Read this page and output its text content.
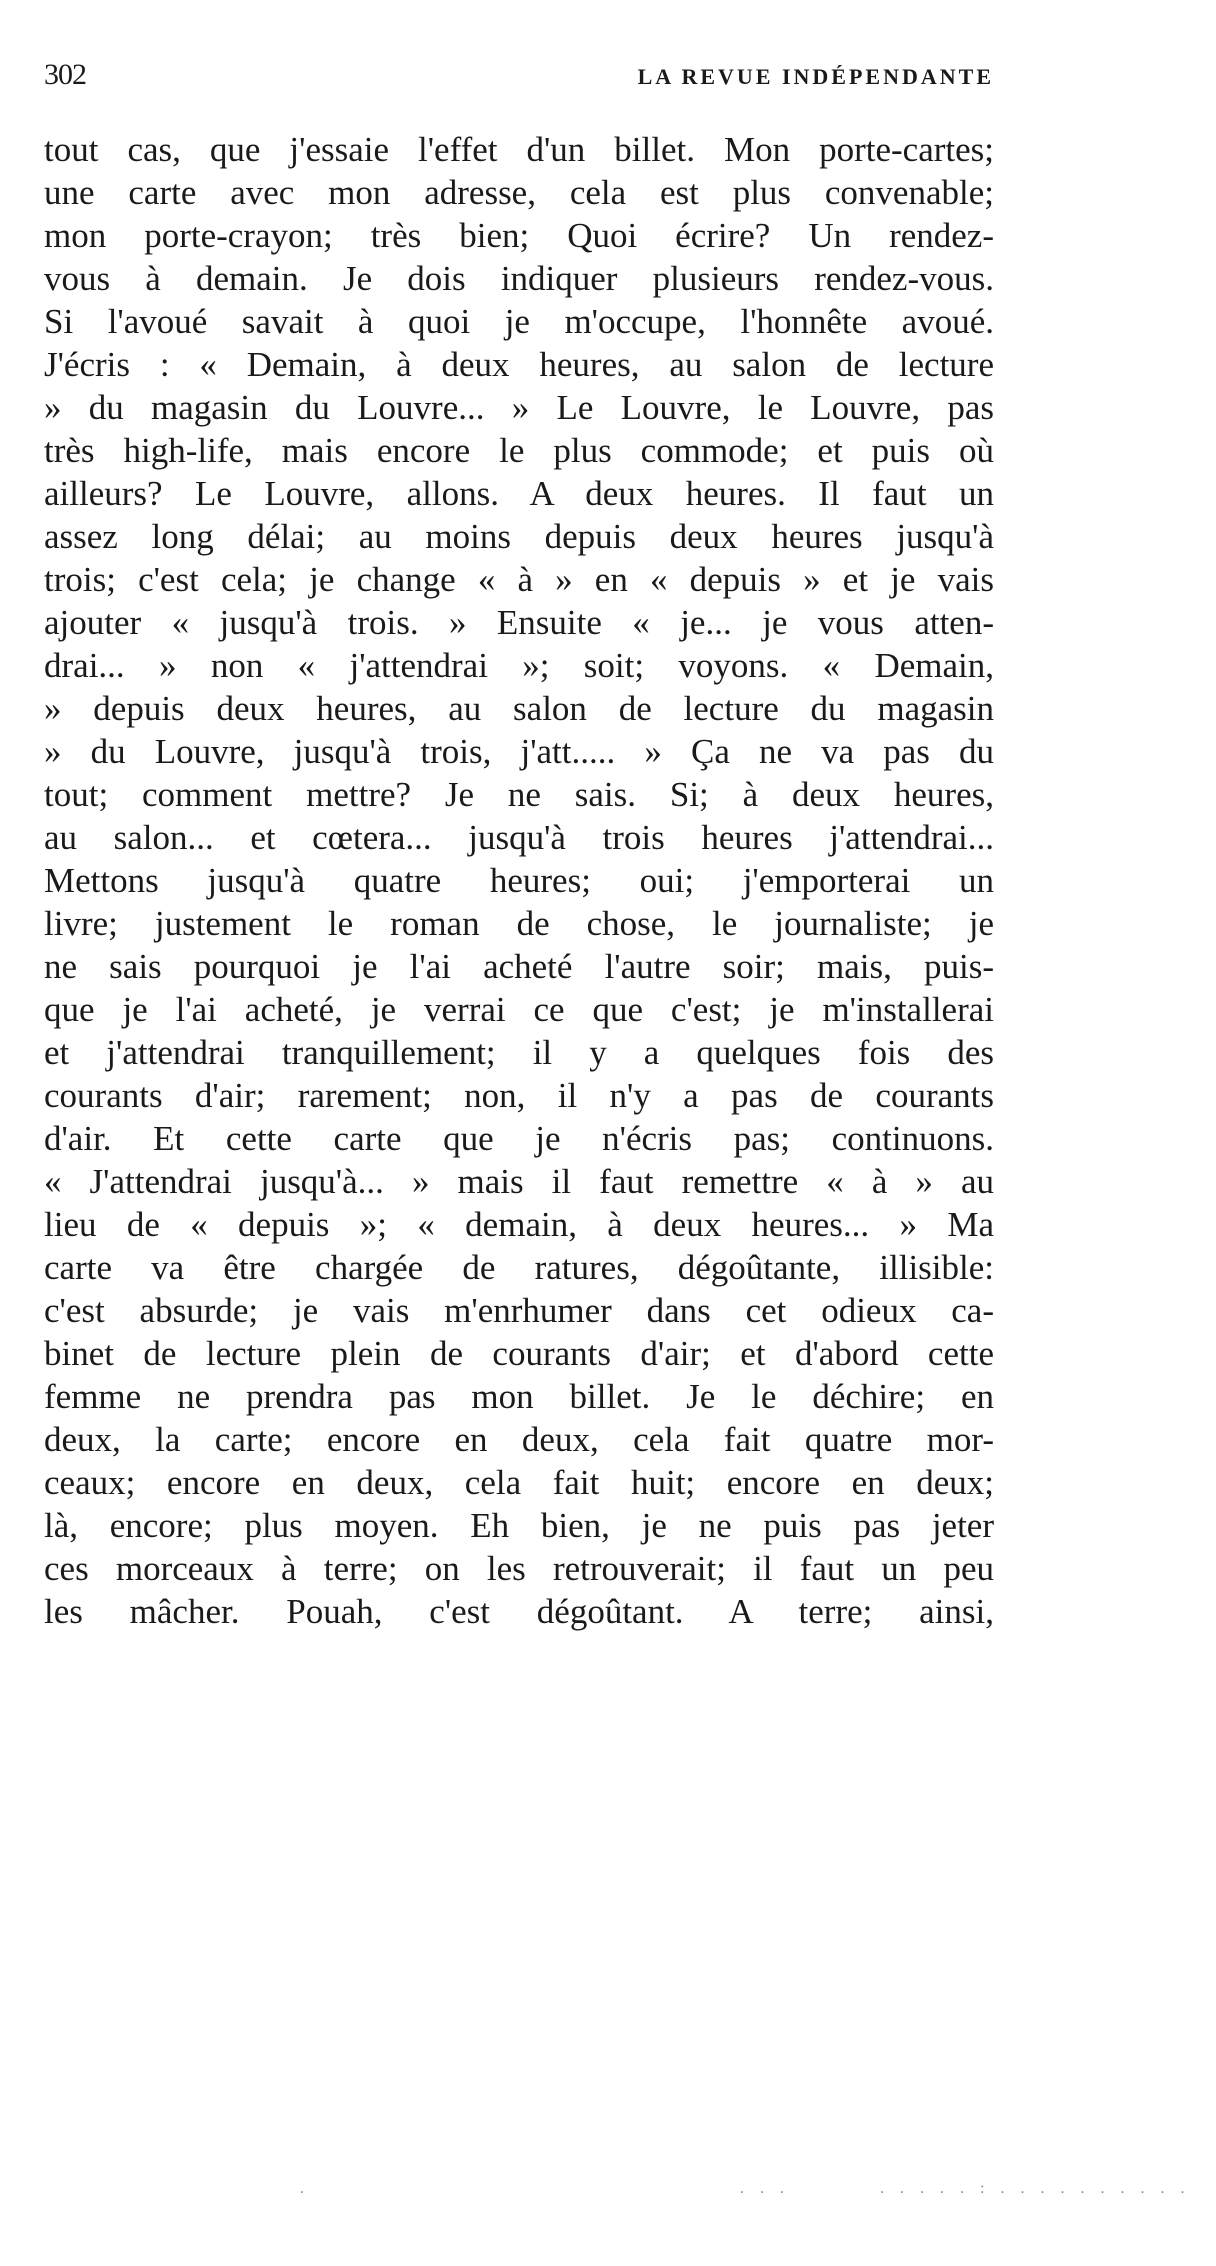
302	LA REVUE INDÉPENDANTE
tout cas, que j'essaie l'effet d'un billet. Mon porte-cartes;
une carte avec mon adresse, cela est plus convenable;
mon porte-crayon; très bien; Quoi écrire? Un rendez-
vous à demain. Je dois indiquer plusieurs rendez-vous.
Si l'avoué savait à quoi je m'occupe, l'honnête avoué.
J'écris : « Demain, à deux heures, au salon de lecture
» du magasin du Louvre... » Le Louvre, le Louvre, pas
très high-life, mais encore le plus commode; et puis où
ailleurs? Le Louvre, allons. A deux heures. Il faut un
assez long délai; au moins depuis deux heures jusqu'à
trois; c'est cela; je change « à » en « depuis » et je vais
ajouter « jusqu'à trois. » Ensuite « je... je vous atten-
drai... » non « j'attendrai »; soit; voyons. « Demain,
» depuis deux heures, au salon de lecture du magasin
» du Louvre, jusqu'à trois, j'att..... » Ça ne va pas du
tout; comment mettre? Je ne sais. Si; à deux heures,
au salon... et cœtera... jusqu'à trois heures j'attendrai...
Mettons jusqu'à quatre heures; oui; j'emporterai un
livre; justement le roman de chose, le journaliste; je
ne sais pourquoi je l'ai acheté l'autre soir; mais, puis-
que je l'ai acheté, je verrai ce que c'est; je m'installerai
et j'attendrai tranquillement; il y a quelques fois des
courants d'air; rarement; non, il n'y a pas de courants
d'air. Et cette carte que je n'écris pas; continuons.
« J'attendrai jusqu'à... » mais il faut remettre « à » au
lieu de « depuis »; « demain, à deux heures... » Ma
carte va être chargée de ratures, dégoûtante, illisible:
c'est absurde; je vais m'enrhumer dans cet odieux ca-
binet de lecture plein de courants d'air; et d'abord cette
femme ne prendra pas mon billet. Je le déchire; en
deux, la carte; encore en deux, cela fait quatre mor-
ceaux; encore en deux, cela fait huit; encore en deux;
là, encore; plus moyen. Eh bien, je ne puis pas jeter
ces morceaux à terre; on les retrouverait; il faut un peu
les mâcher. Pouah, c'est dégoûtant. A terre; ainsi,
.	. . .	. . . . . : . . . . . . . . . .
